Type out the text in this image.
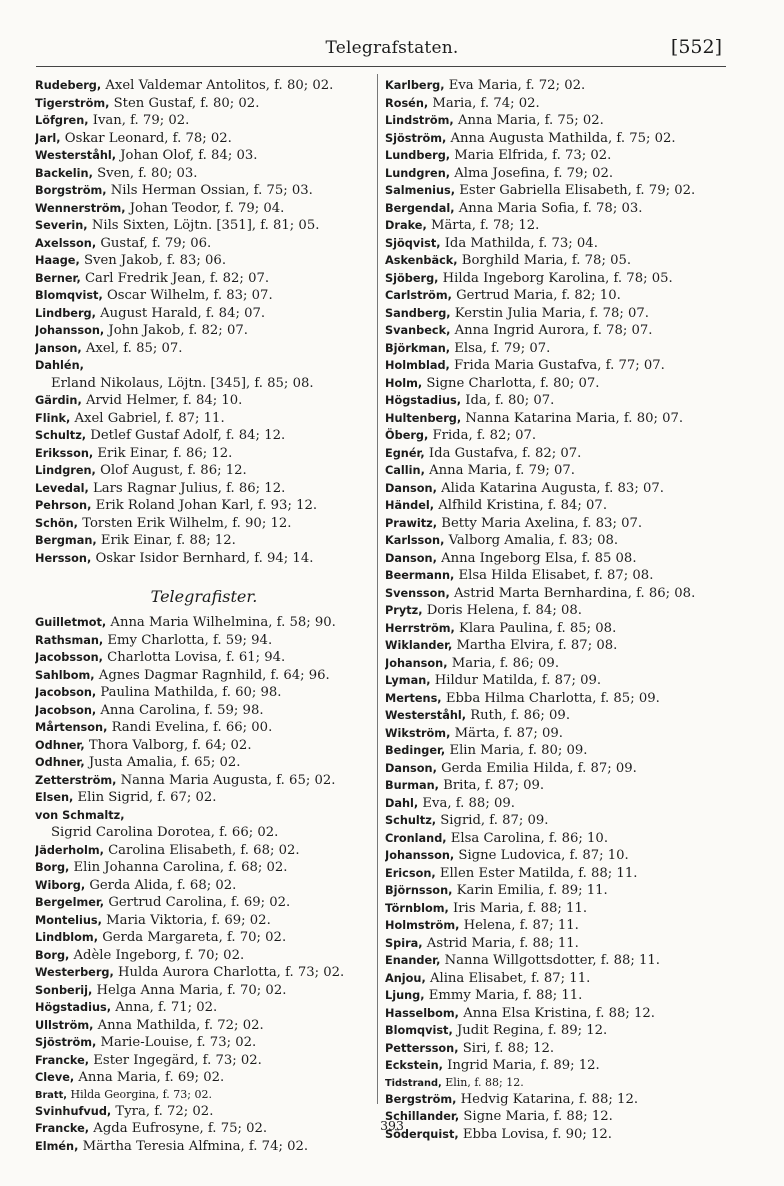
Telegrafstaten.	[552]
Rudeberg, Axel Valdemar Antolitos, f. 80; 02.
Tigerström, Sten Gustaf, f. 80; 02.
Löfgren, Ivan, f. 79; 02.
Jarl, Oskar Leonard, f. 78; 02.
Westerståhl, Johan Olof, f. 84; 03.
Backelin, Sven, f. 80; 03.
Borgström, Nils Herman Ossian, f. 75; 03.
Wennerström, Johan Teodor, f. 79; 04.
Severin, Nils Sixten, Löjtn. [351], f. 81; 05.
Axelsson, Gustaf, f. 79; 06.
Haage, Sven Jakob, f. 83; 06.
Berner, Carl Fredrik Jean, f. 82; 07.
Blomqvist, Oscar Wilhelm, f. 83; 07.
Lindberg, August Harald, f. 84; 07.
Johansson, John Jakob, f. 82; 07.
Janson, Axel, f. 85; 07.
Dahlén,
Erland Nikolaus, Löjtn. [345], f. 85; 08.
Gärdin, Arvid Helmer, f. 84; 10.
Flink, Axel Gabriel, f. 87; 11.
Schultz, Detlef Gustaf Adolf, f. 84; 12.
Eriksson, Erik Einar, f. 86; 12.
Lindgren, Olof August, f. 86; 12.
Levedal, Lars Ragnar Julius, f. 86; 12.
Pehrson, Erik Roland Johan Karl, f. 93; 12.
Schön, Torsten Erik Wilhelm, f. 90; 12.
Bergman, Erik Einar, f. 88; 12.
Hersson, Oskar Isidor Bernhard, f. 94; 14.
Telegrafister.
Guilletmot, Anna Maria Wilhelmina, f. 58; 90.
Rathsman, Emy Charlotta, f. 59; 94.
Jacobsson, Charlotta Lovisa, f. 61; 94.
Sahlbom, Agnes Dagmar Ragnhild, f. 64; 96.
Jacobson, Paulina Mathilda, f. 60; 98.
Jacobson, Anna Carolina, f. 59; 98.
Mårtenson, Randi Evelina, f. 66; 00.
Odhner, Thora Valborg, f. 64; 02.
Odhner, Justa Amalia, f. 65; 02.
Zetterström, Nanna Maria Augusta, f. 65; 02.
Elsen, Elin Sigrid, f. 67; 02.
von Schmaltz,
Sigrid Carolina Dorotea, f. 66; 02.
Jäderholm, Carolina Elisabeth, f. 68; 02.
Borg, Elin Johanna Carolina, f. 68; 02.
Wiborg, Gerda Alida, f. 68; 02.
Bergelmer, Gertrud Carolina, f. 69; 02.
Montelius, Maria Viktoria, f. 69; 02.
Lindblom, Gerda Margareta, f. 70; 02.
Borg, Adèle Ingeborg, f. 70; 02.
Westerberg, Hulda Aurora Charlotta, f. 73; 02.
Sonberij, Helga Anna Maria, f. 70; 02.
Högstadius, Anna, f. 71; 02.
Ullström, Anna Mathilda, f. 72; 02.
Sjöström, Marie-Louise, f. 73; 02.
Francke, Ester Ingegärd, f. 73; 02.
Cleve, Anna Maria, f. 69; 02.
Bratt, Hilda Georgina, f. 73; 02.
Svinhufvud, Tyra, f. 72; 02.
Francke, Agda Eufrosyne, f. 75; 02.
Elmén, Märtha Teresia Alfmina, f. 74; 02.
Karlberg, Eva Maria, f. 72; 02.
Rosén, Maria, f. 74; 02.
Lindström, Anna Maria, f. 75; 02.
Sjöström, Anna Augusta Mathilda, f. 75; 02.
Lundberg, Maria Elfrida, f. 73; 02.
Lundgren, Alma Josefina, f. 79; 02.
Salmenius, Ester Gabriella Elisabeth, f. 79; 02.
Bergendal, Anna Maria Sofia, f. 78; 03.
Drake, Märta, f. 78; 12.
Sjöqvist, Ida Mathilda, f. 73; 04.
Askenbäck, Borghild Maria, f. 78; 05.
Sjöberg, Hilda Ingeborg Karolina, f. 78; 05.
Carlström, Gertrud Maria, f. 82; 10.
Sandberg, Kerstin Julia Maria, f. 78; 07.
Svanbeck, Anna Ingrid Aurora, f. 78; 07.
Björkman, Elsa, f. 79; 07.
Holmblad, Frida Maria Gustafva, f. 77; 07.
Holm, Signe Charlotta, f. 80; 07.
Högstadius, Ida, f. 80; 07.
Hultenberg, Nanna Katarina Maria, f. 80; 07.
Öberg, Frida, f. 82; 07.
Egnér, Ida Gustafva, f. 82; 07.
Callin, Anna Maria, f. 79; 07.
Danson, Alida Katarina Augusta, f. 83; 07.
Händel, Alfhild Kristina, f. 84; 07.
Prawitz, Betty Maria Axelina, f. 83; 07.
Karlsson, Valborg Amalia, f. 83; 08.
Danson, Anna Ingeborg Elsa, f. 85 08.
Beermann, Elsa Hilda Elisabet, f. 87; 08.
Svensson, Astrid Marta Bernhardina, f. 86; 08.
Prytz, Doris Helena, f. 84; 08.
Herrström, Klara Paulina, f. 85; 08.
Wiklander, Martha Elvira, f. 87; 08.
Johanson, Maria, f. 86; 09.
Lyman, Hildur Matilda, f. 87; 09.
Mertens, Ebba Hilma Charlotta, f. 85; 09.
Westerståhl, Ruth, f. 86; 09.
Wikström, Märta, f. 87; 09.
Bedinger, Elin Maria, f. 80; 09.
Danson, Gerda Emilia Hilda, f. 87; 09.
Burman, Brita, f. 87; 09.
Dahl, Eva, f. 88; 09.
Schultz, Sigrid, f. 87; 09.
Cronland, Elsa Carolina, f. 86; 10.
Johansson, Signe Ludovica, f. 87; 10.
Ericson, Ellen Ester Matilda, f. 88; 11.
Björnsson, Karin Emilia, f. 89; 11.
Törnblom, Iris Maria, f. 88; 11.
Holmström, Helena, f. 87; 11.
Spira, Astrid Maria, f. 88; 11.
Enander, Nanna Willgottsdotter, f. 88; 11.
Anjou, Alina Elisabet, f. 87; 11.
Ljung, Emmy Maria, f. 88; 11.
Hasselbom, Anna Elsa Kristina, f. 88; 12.
Blomqvist, Judit Regina, f. 89; 12.
Pettersson, Siri, f. 88; 12.
Eckstein, Ingrid Maria, f. 89; 12.
Tidstrand, Elin, f. 88; 12.
Bergström, Hedvig Katarina, f. 88; 12.
Schillander, Signe Maria, f. 88; 12.
Söderquist, Ebba Lovisa, f. 90; 12.
393
